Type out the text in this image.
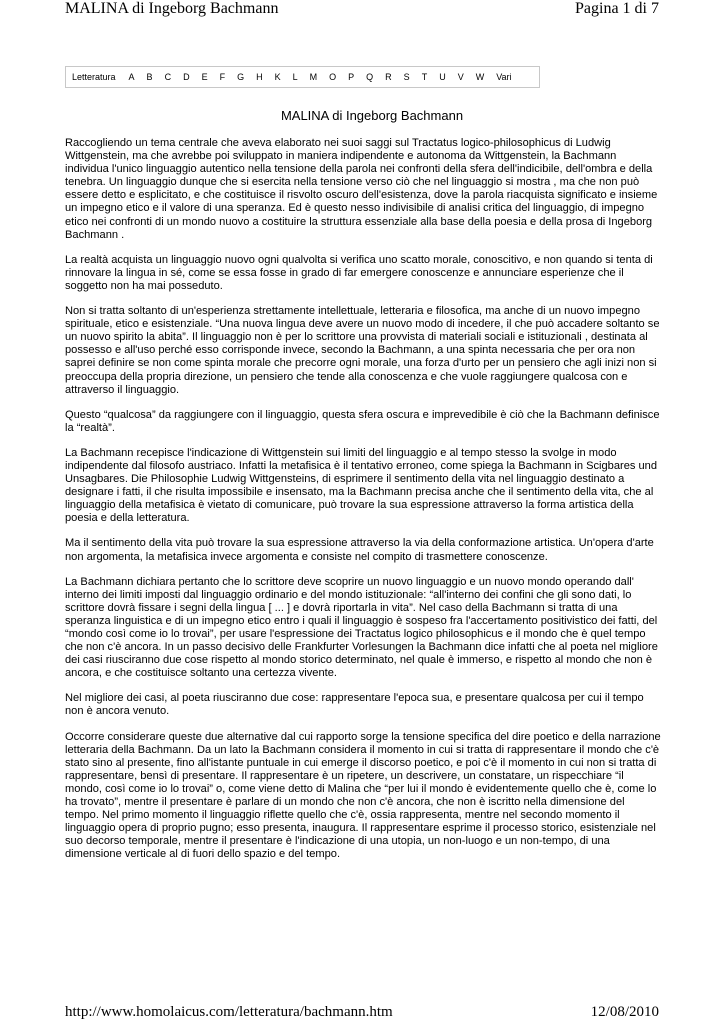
MALINA di Ingeborg Bachmann	Pagina 1 di 7
Letteratura A B C D E F G H K L M O P Q R S T U V W Vari
MALINA di Ingeborg Bachmann

Raccogliendo un tema centrale che aveva elaborato nei suoi saggi sul Tractatus logico-philosophicus di Ludwig Wittgenstein, ma che avrebbe poi sviluppato in maniera indipendente e autonoma da Wittgenstein, la Bachmann individua l'unico linguaggio autentico nella tensione della parola nei confronti della sfera dell'indicibile, dell'ombra e della tenebra. Un linguaggio dunque che si esercita nella tensione verso ciò che nel linguaggio si mostra , ma che non può essere detto e esplicitato, e che costituisce il risvolto oscuro dell'esistenza, dove la parola riacquista significato e insieme un impegno etico e il valore di una speranza. Ed è questo nesso indivisibile di analisi critica del linguaggio, di impegno etico nei confronti di un mondo nuovo a costituire la struttura essenziale alla base della poesia e della prosa di Ingeborg Bachmann .

La realtà acquista un linguaggio nuovo ogni qualvolta si verifica uno scatto morale, conoscitivo, e non quando si tenta di rinnovare la lingua in sé, come se essa fosse in grado di far emergere conoscenze e annunciare esperienze che il soggetto non ha mai posseduto.

Non si tratta soltanto di un'esperienza strettamente intellettuale, letteraria e filosofica, ma anche di un nuovo impegno spirituale, etico e esistenziale. “Una nuova lingua deve avere un nuovo modo di incedere, il che può accadere soltanto se un nuovo spirito la abita”. Il linguaggio non è per lo scrittore una provvista di materiali sociali e istituzionali , destinata al possesso e all'uso perché esso corrisponde invece, secondo la Bachmann, a una spinta necessaria che per ora non saprei definire se non come spinta morale che precorre ogni morale, una forza d'urto per un pensiero che agli inizi non si preoccupa della propria direzione, un pensiero che tende alla conoscenza e che vuole raggiungere qualcosa con e attraverso il linguaggio.

Questo “qualcosa” da raggiungere con il linguaggio, questa sfera oscura e imprevedibile è ciò che la Bachmann definisce la “realtà”.

La Bachmann recepisce l'indicazione di Wittgenstein sui limiti del linguaggio e al tempo stesso la svolge in modo indipendente dal filosofo austriaco. Infatti la metafisica è il tentativo erroneo, come spiega la Bachmann in Scigbares und Unsagbares. Die Philosophie Ludwig Wittgensteins, di esprimere il sentimento della vita nel linguaggio destinato a designare i fatti, il che risulta impossibile e insensato, ma la Bachmann precisa anche che il sentimento della vita, che al linguaggio della metafisica è vietato di comunicare, può trovare la sua espressione attraverso la forma artistica della poesia e della letteratura.

Ma il sentimento della vita può trovare la sua espressione attraverso la via della conformazione artistica. Un'opera d'arte non argomenta, la metafisica invece argomenta e consiste nel compito di trasmettere conoscenze.

La Bachmann dichiara pertanto che lo scrittore deve scoprire un nuovo linguaggio e un nuovo mondo operando dall' interno dei limiti imposti dal linguaggio ordinario e del mondo istituzionale: “all'interno dei confini che gli sono dati, lo scrittore dovrà fissare i segni della lingua [ ... ] e dovrà riportarla in vita”. Nel caso della Bachmann si tratta di una speranza linguistica e di un impegno etico entro i quali il linguaggio è sospeso fra l'accertamento positivistico dei fatti, del “mondo così come io lo trovai”, per usare l'espressione dei Tractatus logico philosophicus e il mondo che è quel tempo che non c'è ancora. In un passo decisivo delle Frankfurter Vorlesungen la Bachmann dice infatti che al poeta nel migliore dei casi riusciranno due cose rispetto al mondo storico determinato, nel quale è immerso, e rispetto al mondo che non è ancora, e che costituisce soltanto una certezza vivente.

Nel migliore dei casi, al poeta riusciranno due cose: rappresentare l'epoca sua, e presentare qualcosa per cui il tempo non è ancora venuto.

Occorre considerare queste due alternative dal cui rapporto sorge la tensione specifica del dire poetico e della narrazione letteraria della Bachmann. Da un lato la Bachmann considera il momento in cui si tratta di rappresentare il mondo che c'è stato sino al presente, fino all'istante puntuale in cui emerge il discorso poetico, e poi c'è il momento in cui non si tratta di rappresentare, bensì di presentare. Il rappresentare è un ripetere, un descrivere, un constatare, un rispecchiare “il mondo, così come io lo trovai” o, come viene detto di Malina che “per lui il mondo è evidentemente quello che è, come lo ha trovato”, mentre il presentare è parlare di un mondo che non c'è ancora, che non è iscritto nella dimensione del tempo. Nel primo momento il linguaggio riflette quello che c'è, ossia rappresenta, mentre nel secondo momento il linguaggio opera di proprio pugno; esso presenta, inaugura. Il rappresentare esprime il processo storico, esistenziale nel suo decorso temporale, mentre il presentare è l'indicazione di una utopia, un non-luogo e un non-tempo, di una dimensione verticale al di fuori dello spazio e del tempo.

http://www.homolaicus.com/letteratura/bachmann.htm	12/08/2010
